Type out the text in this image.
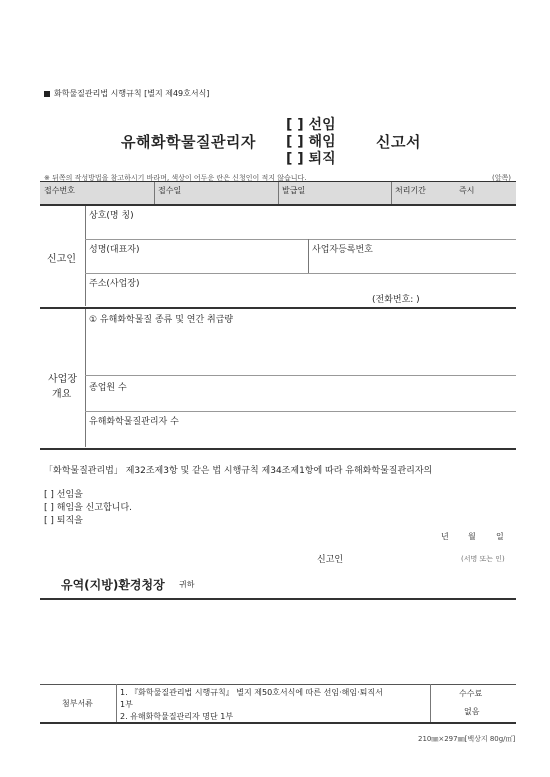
화학물질관리법 시행규칙 [별지 제49호서식]
유해화학물질관리자
[ ] 선임
[ ] 해임
[ ] 퇴직
신고서
※ 뒤쪽의 작성방법을 참고하시기 바라며, 색상이 어두운 란은 신청인이 적지 않습니다.	(앞쪽)
접수번호	접수일	발급일	처리기간	즉시
신고인
상호(명 칭)
성명(대표자)	사업자등록번호
주소(사업장)
(전화번호: )
사업장
개요
① 유해화학물질 종류 및 연간 취급량
종업원 수
유해화학물질관리자 수
「화학물질관리법」 제32조제3항 및 같은 법 시행규칙 제34조제1항에 따라 유해화학물질관리자의
[ ] 선임을
[ ] 해임을 신고합니다.
[ ] 퇴직을
년 월	일
신고인	(서명 또는 인)
유역(지방)환경청장 귀하
첨부서류
1. 『화학물질관리법 시행규칙』 별지 제50호서식에 따른 선임·해임·퇴직서
1부
2. 유해화학물질관리자 명단 1부
수수료
없음
210㎜×297㎜[백상지 80g/㎡]
